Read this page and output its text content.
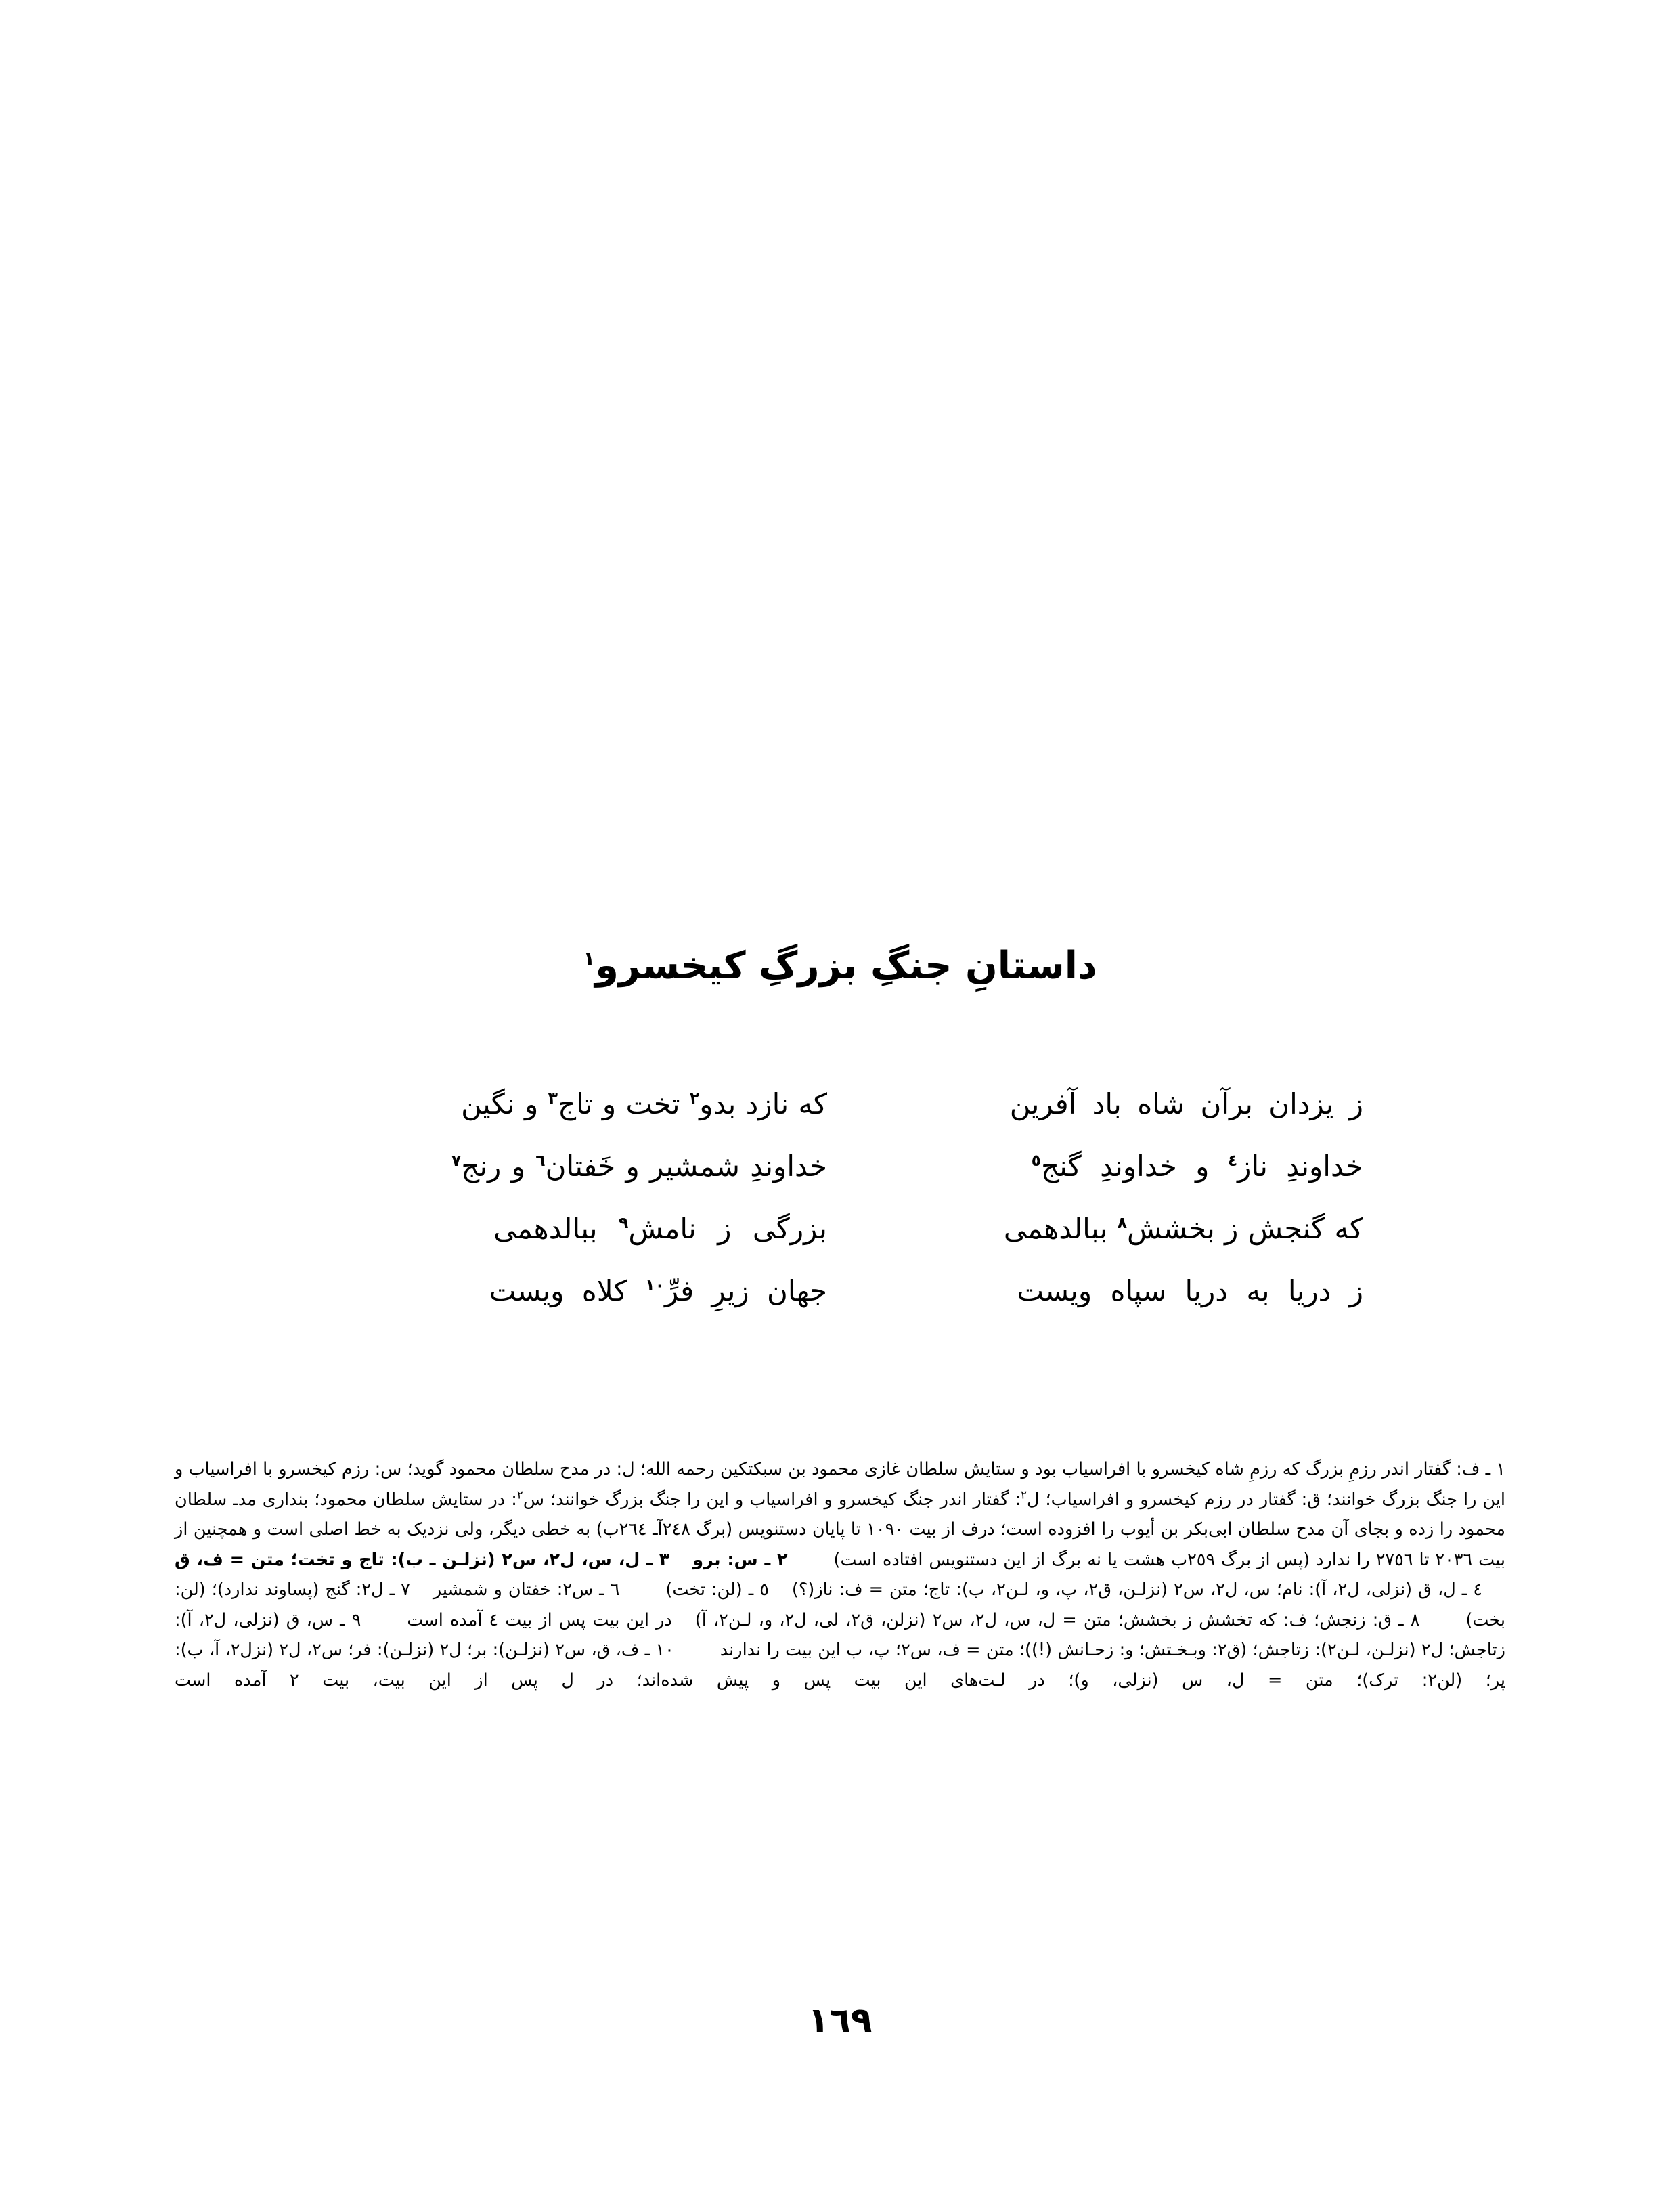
داستانِ جنگِ بزرگِ کیخسرو$^١$
ز یزدان برآن شاه باد آفرین
که نازد بدو$^٢$ تخت و تاج$^٣$ و نگین
خداوندِ ناز$^٤$ و خداوندِ گنج$^٥$
خداوندِ شمشیر و خَفتان$^٦$ و رنج$^٧$
که گنجش ز بخشش$^٨$ ببالدهمی
بزرگی ز نامش$^٩$ ببالدهمی
ز دریا به دریا سپاه ویست
جهان زیرِ فرِّ$^{١٠}$ کلاه ویست

١ ـ ف: گفتار اندر رزمِ بزرگ که رزمِ شاه کیخسرو با افراسیاب بود و ستایش سلطان غازی محمود بن سبکتکین رحمه الله؛ ل: در مدح سلطان محمود گوید؛ س: رزم کیخسرو با افراسیاب و این را جنگ بزرگ خوانند؛ ق: گفتار در رزم کیخسرو و افراسیاب؛ ل$^٢$: گفتار اندر جنگ کیخسرو و افراسیاب و این را جنگ بزرگ خوانند؛ س$^٢$: در ستایش سلطان محمود؛ بنداری مدـ سلطان محمود را زده و بجای آن مدح سلطان ابی‌بکر بن أیوب را افزوده است؛ درف از بیت ١٠٩٠ تا پایان دستنویس (برگ ٢٤٨آـ ٢٦٤ب) به خطی دیگر، ولی نزدیک به خط اصلی است و همچنین از بیت ٢٠٣٦ تا ٢٧٥٦ را ندارد (پس از برگ ٢٥٩ب هشت یا نه برگ از این دستنویس افتاده است)٢ ـ س: برو٣ ـ ل، س، ل٢، س٢ (نزلـن ـ ب): تاج و تخت؛ متن = ف، ق٤ ـ ل، ق (نزلی، ل٢، آ): نام؛ س، ل٢، س٢ (نزلـن، ق٢، پ، و، لـن٢، ب): تاج؛ متن = ف: ناز(؟)٥ ـ (لن: تخت)٦ ـ س٢: خفتان و شمشیر٧ ـ ل٢: گنج (پساوند ندارد)؛ (لن: بخت)٨ ـ ق: زنجش؛ ف: که تخشش ز بخشش؛ متن = ل، س، ل٢، س٢ (نزلن، ق٢، لی، ل٢، و، لـن٢، آ)در این بیت پس از بیت ٤ آمده است٩ ـ س، ق (نزلی، ل٢، آ): زتاجش؛ ل٢ (نزلـن، لـن٢): زتاجش؛ (ق٢: وبـخـتش؛ و: زحـانش (!))؛ متن = ف، س٢؛ پ، ب این بیت را ندارند١٠ ـ ف، ق، س٢ (نزلـن): بر؛ ل٢ (نزلـن): فر؛ س٢، ل٢ (نزل٢، آ، ب): پر؛ (لن٢: ترک)؛ متن = ل، س (نزلی، و)؛ در لـت‌های این بیت پس و پیش شده‌اند؛ در ل پس از این بیت، بیت ٢ آمده است

١٦٩
